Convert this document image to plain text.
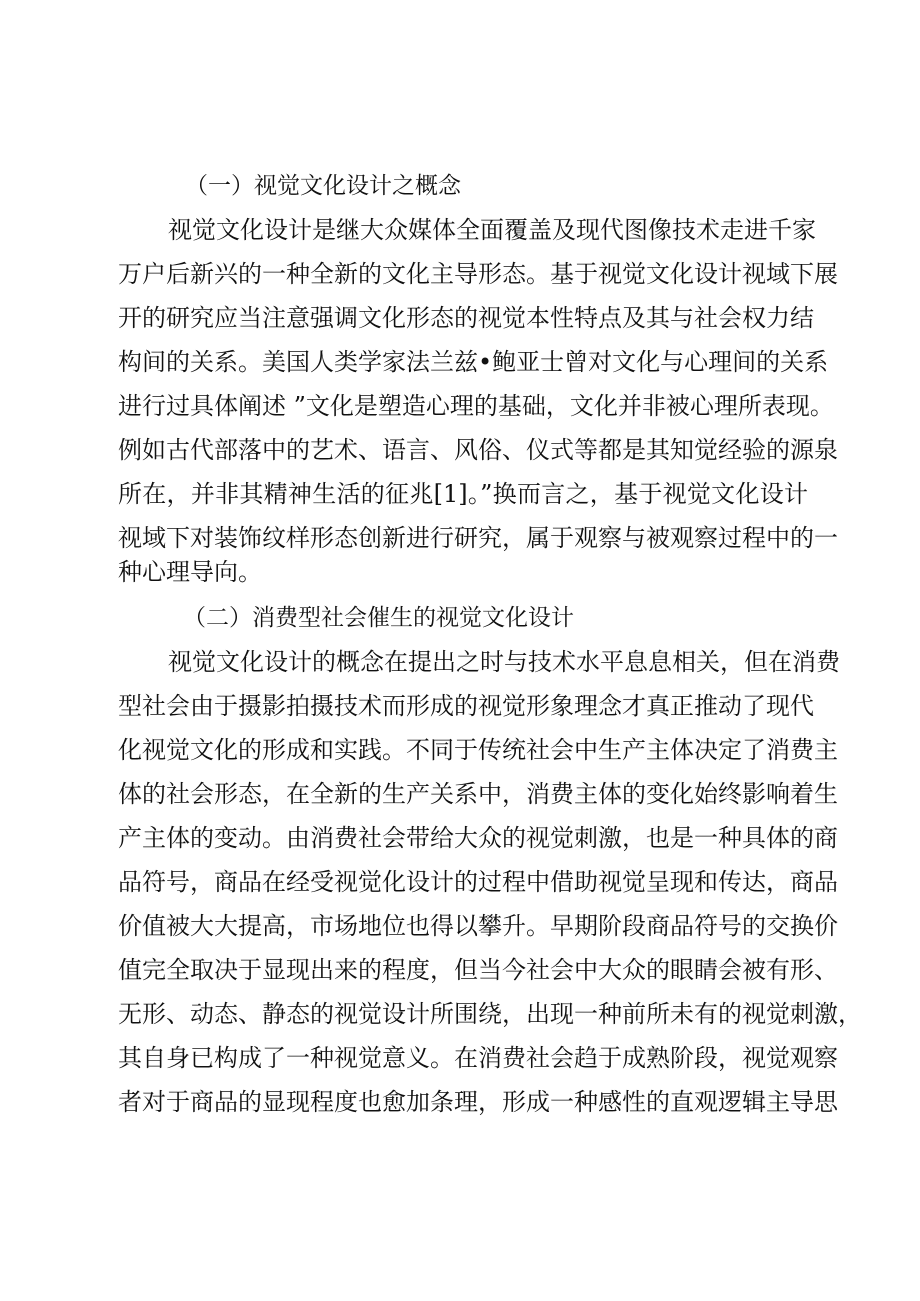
（一）视觉文化设计之概念
视觉文化设计是继大众媒体全面覆盖及现代图像技术走进千家
万户后新兴的一种全新的文化主导形态。基于视觉文化设计视域下展
开的研究应当注意强调文化形态的视觉本性特点及其与社会权力结
构间的关系。美国人类学家法兰兹•鲍亚士曾对文化与心理间的关系
进行过具体阐述 ”文化是塑造心理的基础，文化并非被心理所表现。
例如古代部落中的艺术、语言、风俗、仪式等都是其知觉经验的源泉
所在，并非其精神生活的征兆[1]。”换而言之，基于视觉文化设计
视域下对装饰纹样形态创新进行研究，属于观察与被观察过程中的一
种心理导向。
（二）消费型社会催生的视觉文化设计
视觉文化设计的概念在提出之时与技术水平息息相关，但在消费
型社会由于摄影拍摄技术而形成的视觉形象理念才真正推动了现代
化视觉文化的形成和实践。不同于传统社会中生产主体决定了消费主
体的社会形态，在全新的生产关系中，消费主体的变化始终影响着生
产主体的变动。由消费社会带给大众的视觉刺激，也是一种具体的商
品符号，商品在经受视觉化设计的过程中借助视觉呈现和传达，商品
价值被大大提高，市场地位也得以攀升。早期阶段商品符号的交换价
值完全取决于显现出来的程度，但当今社会中大众的眼睛会被有形、
无形、动态、静态的视觉设计所围绕，出现一种前所未有的视觉刺激，
其自身已构成了一种视觉意义。在消费社会趋于成熟阶段，视觉观察
者对于商品的显现程度也愈加条理，形成一种感性的直观逻辑主导思
